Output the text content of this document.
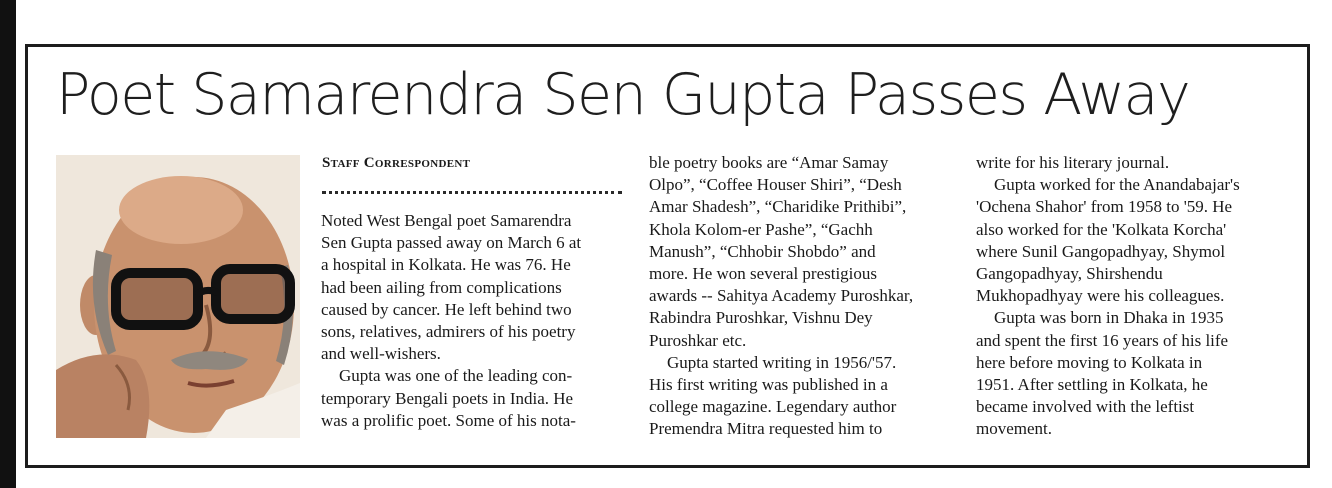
Poet Samarendra Sen Gupta Passes Away
Staff Correspondent

Noted West Bengal poet Samarendra
Sen Gupta passed away on March 6 at
a hospital in Kolkata. He was 76. He
had been ailing from complications
caused by cancer. He left behind two
sons, relatives, admirers of his poetry
and well-wishers.

Gupta was one of the leading con-

temporary Bengali poets in India. He
was a prolific poet. Some of his nota-

ble poetry books are “Amar Samay
Olpo”, “Coffee Houser Shiri”, “Desh
Amar Shadesh”, “Charidike Prithibi”,
Khola Kolom-er Pashe”, “Gachh
Manush”, “Chhobir Shobdo” and
more. He won several prestigious
awards -- Sahitya Academy Puroshkar,
Rabindra Puroshkar, Vishnu Dey
Puroshkar etc.

Gupta started writing in 1956/'57.

His first writing was published in a
college magazine. Legendary author
Premendra Mitra requested him to

write for his literary journal.

Gupta worked for the Anandabajar's

'Ochena Shahor' from 1958 to '59. He
also worked for the 'Kolkata Korcha'
where Sunil Gangopadhyay, Shymol
Gangopadhyay, Shirshendu
Mukhopadhyay were his colleagues.

Gupta was born in Dhaka in 1935

and spent the first 16 years of his life
here before moving to Kolkata in
1951. After settling in Kolkata, he
became involved with the leftist
movement.
